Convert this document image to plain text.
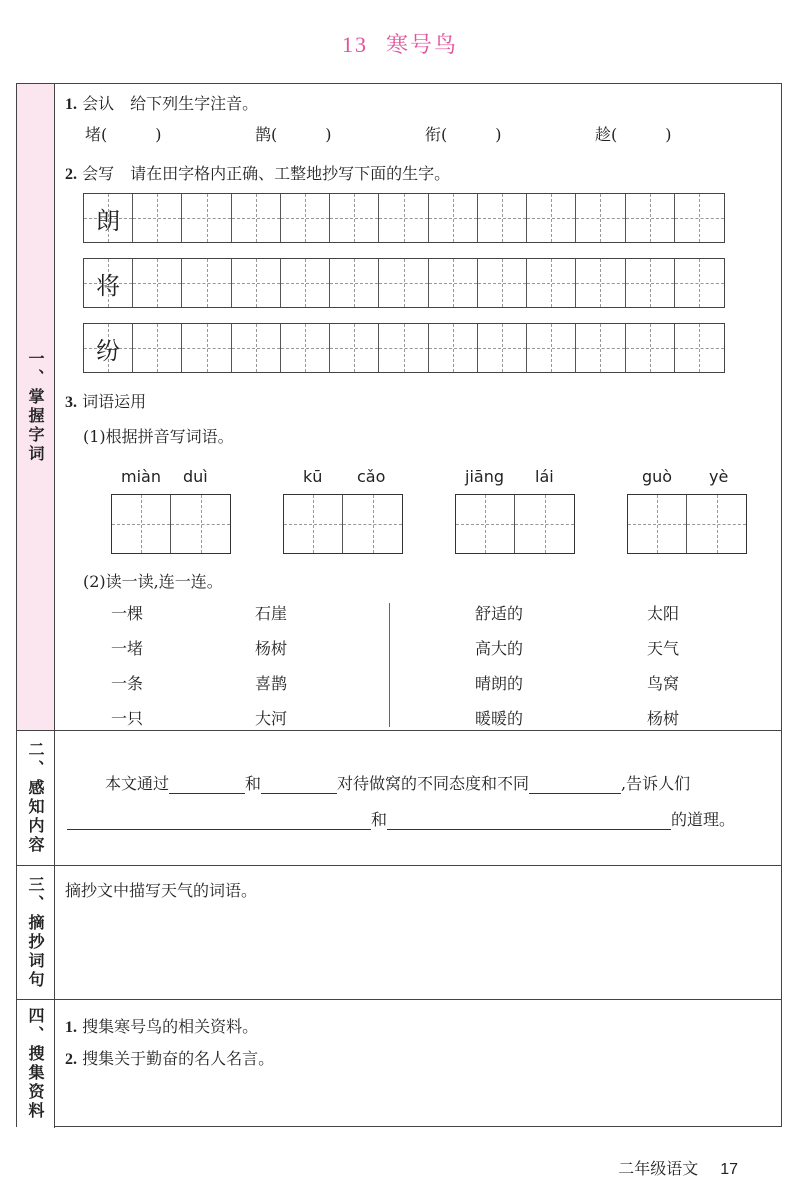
13 寒号鸟
一、掌握字词
1. 会认　给下列生字注音。
堵(　　　)	鹊(　　　)	衔(　　　)	趁(　　　)
2. 会写　请在田字格内正确、工整地抄写下面的生字。
朗
将
纷
3. 词语运用
(1)根据拼音写词语。
miàn duì	kū cǎo	jiāng lái	guò yè
(2)读一读,连一连。
一棵	石崖	舒适的	太阳
一堵	杨树	高大的	天气
一条	喜鹊	晴朗的	鸟窝
一只	大河	暖暖的	杨树
二、感知内容	本文通过	和	对待做窝的不同态度和不同	,告诉人们
和	的道理。
三、摘抄词句 摘抄文中描写天气的词语。
四、搜集资料 1. 搜集寒号鸟的相关资料。
2. 搜集关于勤奋的名人名言。
二年级语文 17
